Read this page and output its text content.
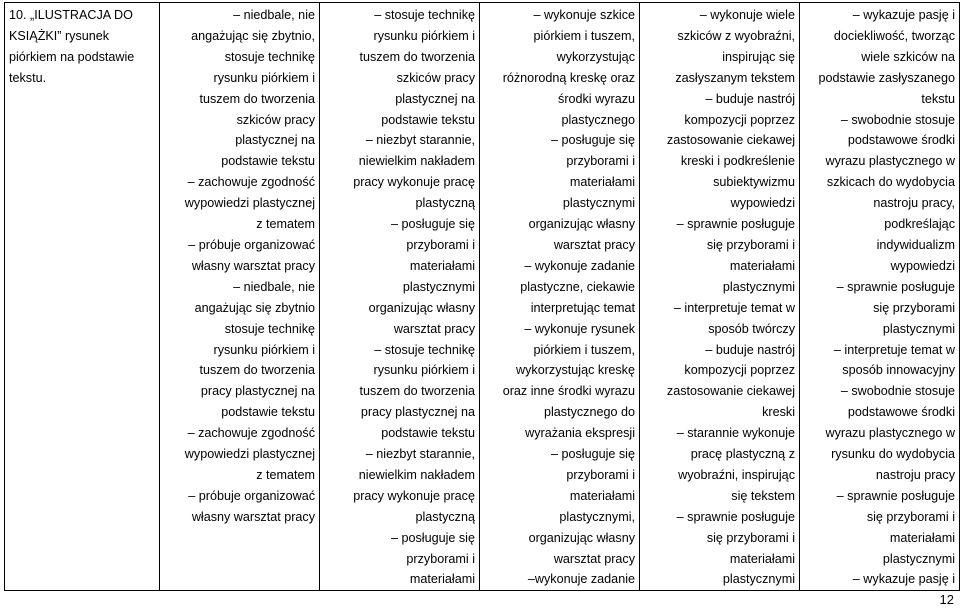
10. „ILUSTRACJA DO
KSIĄŻKI” rysunek
piórkiem na podstawie
tekstu.

– niedbale, nie
angażując się zbytnio,
stosuje technikę
rysunku piórkiem i
tuszem do tworzenia
szkiców pracy
plastycznej na
podstawie tekstu
– zachowuje zgodność
wypowiedzi plastycznej
z tematem
– próbuje organizować
własny warsztat pracy
– niedbale, nie
angażując się zbytnio
stosuje technikę
rysunku piórkiem i
tuszem do tworzenia
pracy plastycznej na
podstawie tekstu
– zachowuje zgodność
wypowiedzi plastycznej
z tematem
– próbuje organizować
własny warsztat pracy

– stosuje technikę
rysunku piórkiem i
tuszem do tworzenia
szkiców pracy
plastycznej na
podstawie tekstu
– niezbyt starannie,
niewielkim nakładem
pracy wykonuje pracę
plastyczną
– posługuje się
przyborami i
materiałami
plastycznymi
organizując własny
warsztat pracy
– stosuje technikę
rysunku piórkiem i
tuszem do tworzenia
pracy plastycznej na
podstawie tekstu
– niezbyt starannie,
niewielkim nakładem
pracy wykonuje pracę
plastyczną
– posługuje się
przyborami i
materiałami

– wykonuje szkice
piórkiem i tuszem,
wykorzystując
różnorodną kreskę oraz
środki wyrazu
plastycznego
– posługuje się
przyborami i
materiałami
plastycznymi
organizując własny
warsztat pracy
– wykonuje zadanie
plastyczne, ciekawie
interpretując temat
– wykonuje rysunek
piórkiem i tuszem,
wykorzystując kreskę
oraz inne środki wyrazu
plastycznego do
wyrażania ekspresji
– posługuje się
przyborami i
materiałami
plastycznymi,
organizując własny
warsztat pracy
–wykonuje zadanie

– wykonuje wiele
szkiców z wyobraźni,
inspirując się
zasłyszanym tekstem
– buduje nastrój
kompozycji poprzez
zastosowanie ciekawej
kreski i podkreślenie
subiektywizmu
wypowiedzi
– sprawnie posługuje
się przyborami i
materiałami
plastycznymi
– interpretuje temat w
sposób twórczy
– buduje nastrój
kompozycji poprzez
zastosowanie ciekawej
kreski
– starannie wykonuje
pracę plastyczną z
wyobraźni, inspirując
się tekstem
– sprawnie posługuje
się przyborami i
materiałami
plastycznymi

– wykazuje pasję i
dociekliwość, tworząc
wiele szkiców na
podstawie zasłyszanego
tekstu
– swobodnie stosuje
podstawowe środki
wyrazu plastycznego w
szkicach do wydobycia
nastroju pracy,
podkreślając
indywidualizm
wypowiedzi
– sprawnie posługuje
się przyborami
plastycznymi
– interpretuje temat w
sposób innowacyjny
– swobodnie stosuje
podstawowe środki
wyrazu plastycznego w
rysunku do wydobycia
nastroju pracy
– sprawnie posługuje
się przyborami i
materiałami
plastycznymi
– wykazuje pasję i
12
